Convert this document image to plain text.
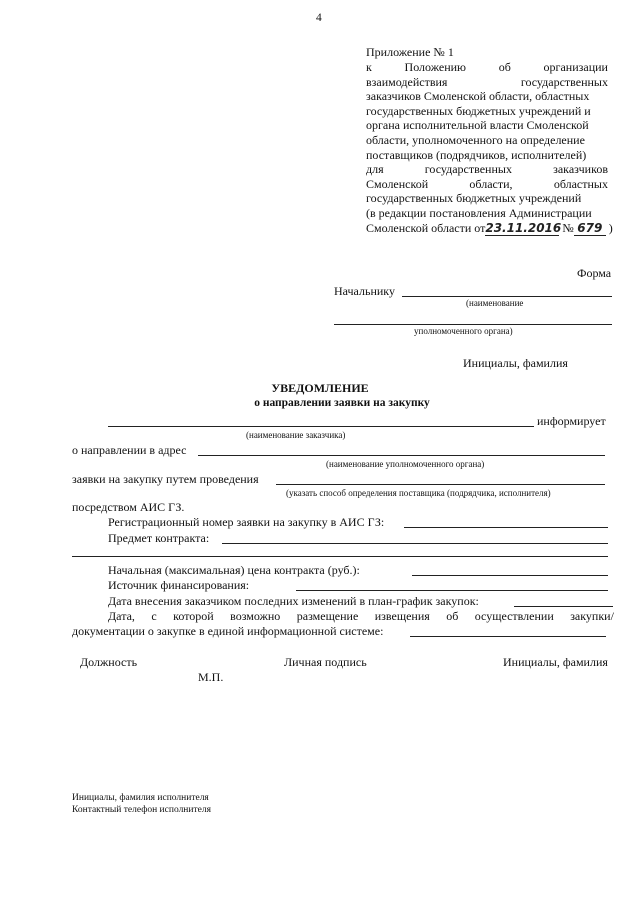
4
Приложение № 1
к	Положению	об	организации
взаимодействия	государственных
заказчиков Смоленской области, областных
государственных бюджетных учреждений и
органа исполнительной власти Смоленской
области, уполномоченного на определение
поставщиков (подрядчиков, исполнителей)
для	государственных	заказчиков
Смоленской	области,	областных
государственных бюджетных учреждений
(в редакции постановления Администрации
Смоленской области от23.11.2016 № 679 )
Форма
Начальнику
(наименование
уполномоченного органа)
Инициалы, фамилия
УВЕДОМЛЕНИЕ
о направлении заявки на закупку
информирует
(наименование заказчика)
о направлении в адрес
(наименование уполномоченного органа)
заявки на закупку путем проведения
(указать способ определения поставщика (подрядчика, исполнителя)
посредством АИС ГЗ.
Регистрационный номер заявки на закупку в АИС ГЗ:
Предмет контракта:
Начальная (максимальная) цена контракта (руб.):
Источник финансирования:
Дата внесения заказчиком последних изменений в план-график закупок:
Дата, с которой возможно размещение извещения об осуществлении закупки/
документации о закупке в единой информационной системе:
Должность	Личная подпись	Инициалы, фамилия
М.П.
Инициалы, фамилия исполнителя
Контактный телефон исполнителя
